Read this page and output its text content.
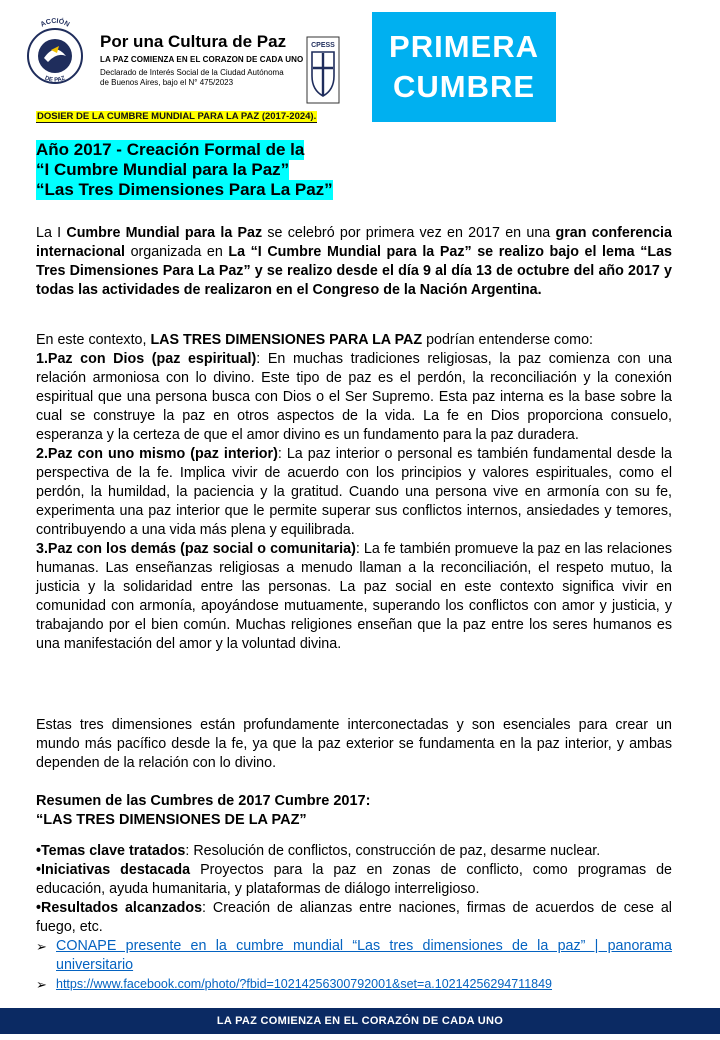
ACCIÓN
DE PAZ
Por una Cultura de Paz
LA PAZ COMIENZA EN EL CORAZON DE CADA UNO
Declarado de Interés Social de la Ciudad Autónoma de Buenos Aires, bajo el N° 475/2023
CPESS
DOSIER DE LA CUMBRE MUNDIAL PARA LA PAZ (2017-2024).
PRIMERA
CUMBRE
Año 2017 - Creación Formal de la
“I Cumbre Mundial para la Paz”
“Las Tres Dimensiones Para La Paz”
La I Cumbre Mundial para la Paz se celebró por primera vez en 2017 en una gran conferencia internacional organizada en La “I Cumbre Mundial para la Paz” se realizo bajo el lema “Las Tres Dimensiones Para La Paz” y se realizo desde el día 9 al día 13 de octubre del año 2017 y todas las actividades de realizaron en el Congreso de la Nación Argentina.
En este contexto, LAS TRES DIMENSIONES PARA LA PAZ podrían entenderse como:
1.Paz con Dios (paz espiritual): En muchas tradiciones religiosas, la paz comienza con una relación armoniosa con lo divino. Este tipo de paz es el perdón, la reconciliación y la conexión espiritual que una persona busca con Dios o el Ser Supremo. Esta paz interna es la base sobre la cual se construye la paz en otros aspectos de la vida. La fe en Dios proporciona consuelo, esperanza y la certeza de que el amor divino es un fundamento para la paz duradera.
2.Paz con uno mismo (paz interior): La paz interior o personal es también fundamental desde la perspectiva de la fe. Implica vivir de acuerdo con los principios y valores espirituales, como el perdón, la humildad, la paciencia y la gratitud. Cuando una persona vive en armonía con su fe, experimenta una paz interior que le permite superar sus conflictos internos, ansiedades y temores, contribuyendo a una vida más plena y equilibrada.
3.Paz con los demás (paz social o comunitaria): La fe también promueve la paz en las relaciones humanas. Las enseñanzas religiosas a menudo llaman a la reconciliación, el respeto mutuo, la justicia y la solidaridad entre las personas. La paz social en este contexto significa vivir en comunidad con armonía, apoyándose mutuamente, superando los conflictos con amor y justicia, y trabajando por el bien común. Muchas religiones enseñan que la paz entre los seres humanos es una manifestación del amor y la voluntad divina.
Estas tres dimensiones están profundamente interconectadas y son esenciales para crear un mundo más pacífico desde la fe, ya que la paz exterior se fundamenta en la paz interior, y ambas dependen de la relación con lo divino.
Resumen de las Cumbres de 2017 Cumbre 2017:
“LAS TRES DIMENSIONES DE LA PAZ”
•Temas clave tratados: Resolución de conflictos, construcción de paz, desarme nuclear.
•Iniciativas destacada Proyectos para la paz en zonas de conflicto, como programas de educación, ayuda humanitaria, y plataformas de diálogo interreligioso.
•Resultados alcanzados: Creación de alianzas entre naciones, firmas de acuerdos de cese al fuego, etc.
➢ CONAPE presente en la cumbre mundial “Las tres dimensiones de la paz” | panorama universitario
➢ https://www.facebook.com/photo/?fbid=10214256300792001&set=a.10214256294711849
LA PAZ COMIENZA EN EL CORAZÓN DE CADA UNO
